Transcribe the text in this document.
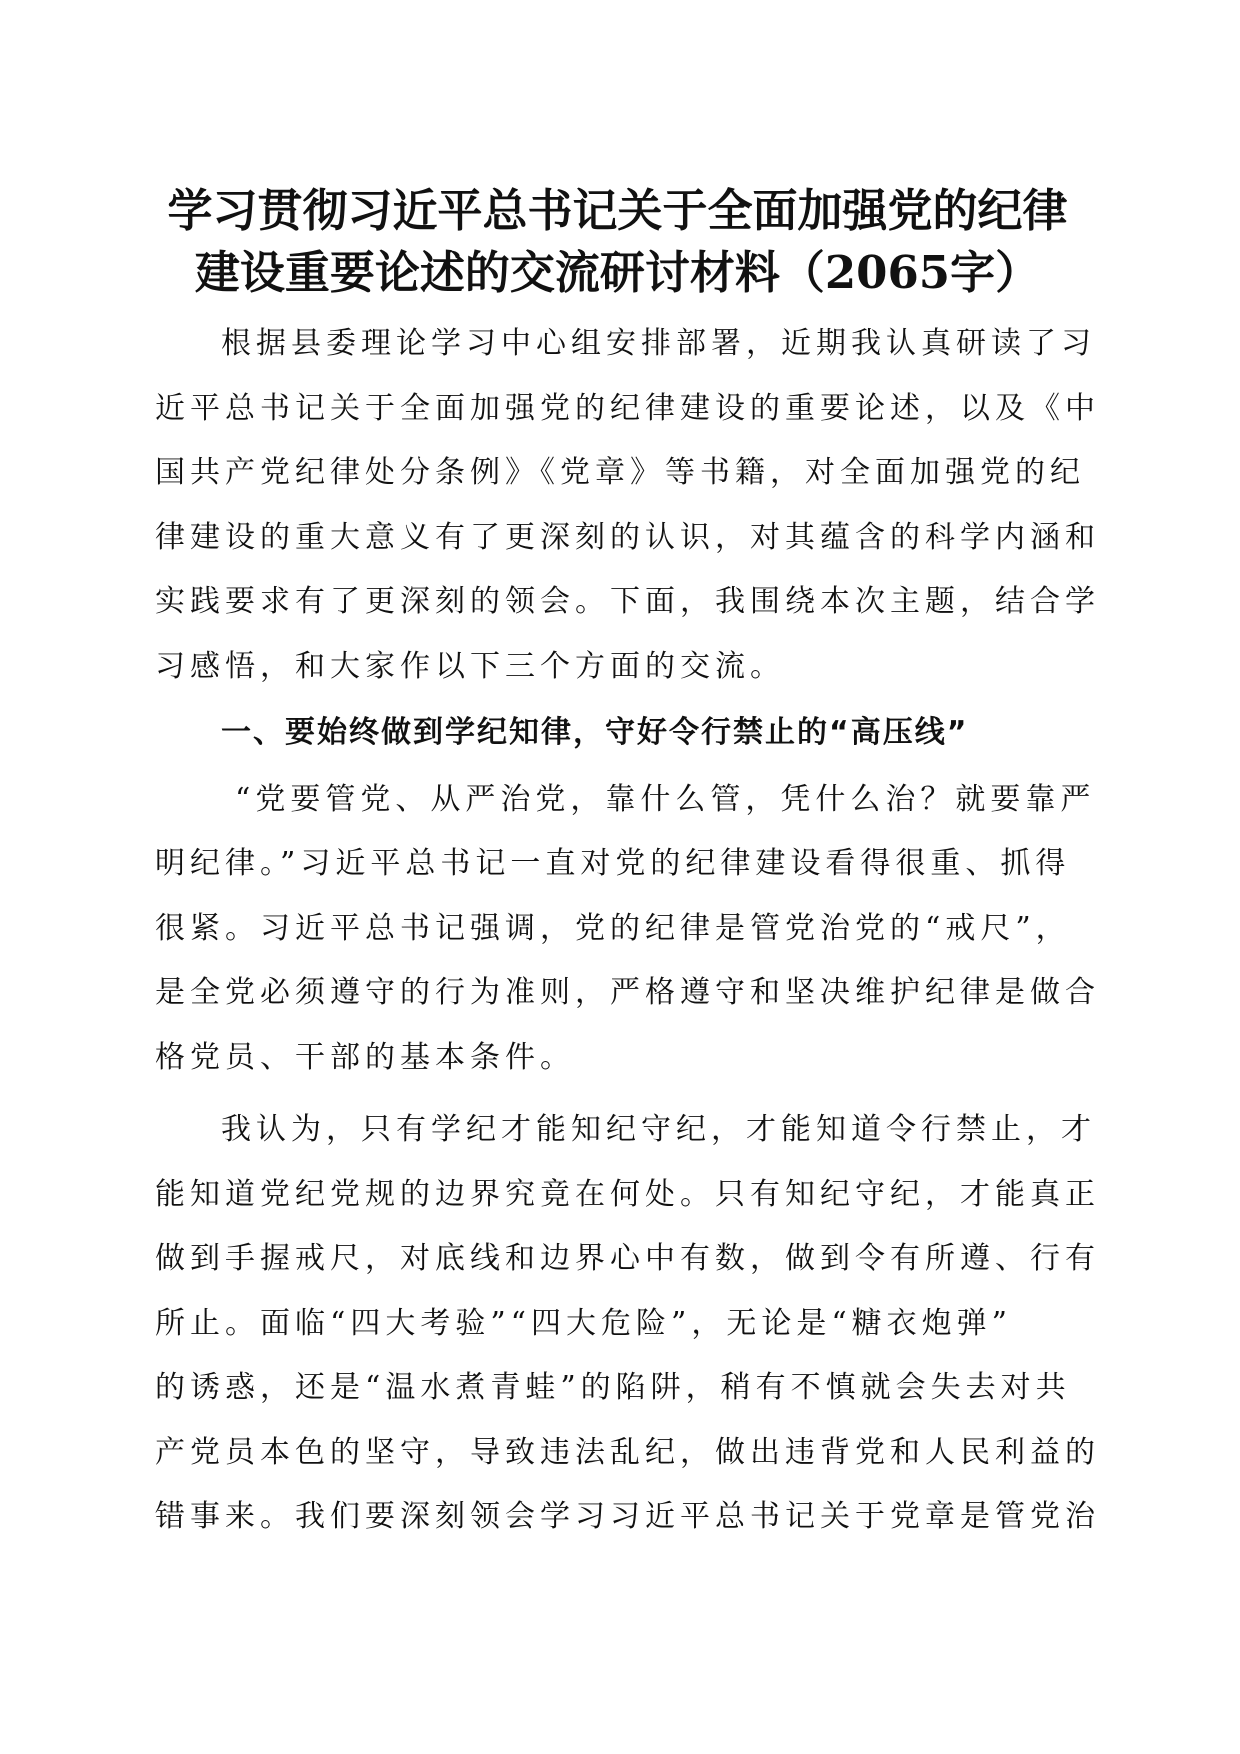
学习贯彻习近平总书记关于全面加强党的纪律
建设重要论述的交流研讨材料（2065字）

根据县委理论学习中心组安排部署，近期我认真研读了习
近平总书记关于全面加强党的纪律建设的重要论述，以及《中
国共产党纪律处分条例》《党章》等书籍，对全面加强党的纪
律建设的重大意义有了更深刻的认识，对其蕴含的科学内涵和
实践要求有了更深刻的领会。下面，我围绕本次主题，结合学
习感悟，和大家作以下三个方面的交流。

一、要始终做到学纪知律，守好令行禁止的“高压线”

“党要管党、从严治党，靠什么管，凭什么治？就要靠严
明纪律。”习近平总书记一直对党的纪律建设看得很重、抓得
很紧。习近平总书记强调，党的纪律是管党治党的“戒尺”，
是全党必须遵守的行为准则，严格遵守和坚决维护纪律是做合
格党员、干部的基本条件。

我认为，只有学纪才能知纪守纪，才能知道令行禁止，才
能知道党纪党规的边界究竟在何处。只有知纪守纪，才能真正
做到手握戒尺，对底线和边界心中有数，做到令有所遵、行有
所止。面临“四大考验”“四大危险”，无论是“糖衣炮弹”
的诱惑，还是“温水煮青蛙”的陷阱，稍有不慎就会失去对共
产党员本色的坚守，导致违法乱纪，做出违背党和人民利益的
错事来。我们要深刻领会学习习近平总书记关于党章是管党治
